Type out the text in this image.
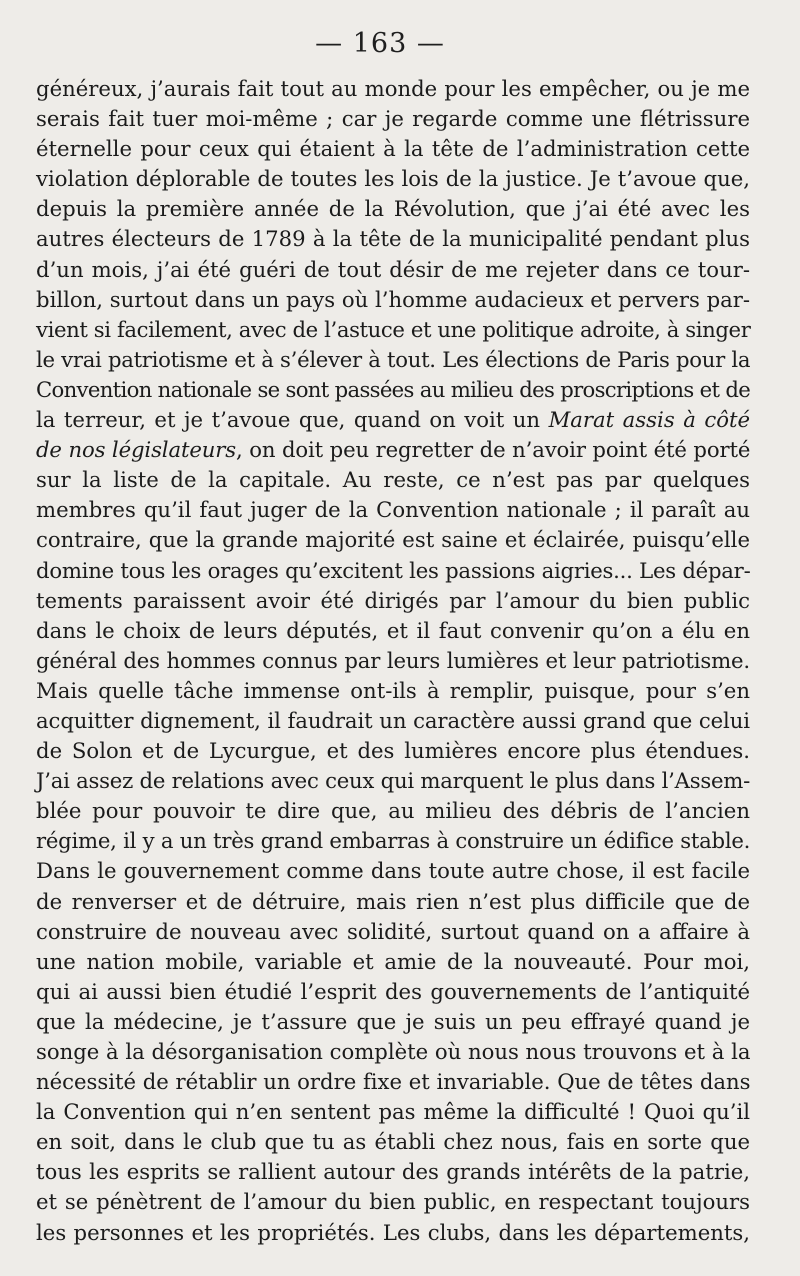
— 163 —
généreux, j’aurais fait tout au monde pour les empêcher, ou je me
serais fait tuer moi-même ; car je regarde comme une flétrissure
éternelle pour ceux qui étaient à la tête de l’administration cette
violation déplorable de toutes les lois de la justice. Je t’avoue que,
depuis la première année de la Révolution, que j’ai été avec les
autres électeurs de 1789 à la tête de la municipalité pendant plus
d’un mois, j’ai été guéri de tout désir de me rejeter dans ce tour-
billon, surtout dans un pays où l’homme audacieux et pervers par-
vient si facilement, avec de l’astuce et une politique adroite, à singer
le vrai patriotisme et à s’élever à tout. Les élections de Paris pour la
Convention nationale se sont passées au milieu des proscriptions et de
la terreur, et je t’avoue que, quand on voit un Marat assis à côté
de nos législateurs, on doit peu regretter de n’avoir point été porté
sur la liste de la capitale. Au reste, ce n’est pas par quelques
membres qu’il faut juger de la Convention nationale ; il paraît au
contraire, que la grande majorité est saine et éclairée, puisqu’elle
domine tous les orages qu’excitent les passions aigries... Les dépar-
tements paraissent avoir été dirigés par l’amour du bien public
dans le choix de leurs députés, et il faut convenir qu’on a élu en
général des hommes connus par leurs lumières et leur patriotisme.
Mais quelle tâche immense ont-ils à remplir, puisque, pour s’en
acquitter dignement, il faudrait un caractère aussi grand que celui
de Solon et de Lycurgue, et des lumières encore plus étendues.
J’ai assez de relations avec ceux qui marquent le plus dans l’Assem-
blée pour pouvoir te dire que, au milieu des débris de l’ancien
régime, il y a un très grand embarras à construire un édifice stable.
Dans le gouvernement comme dans toute autre chose, il est facile
de renverser et de détruire, mais rien n’est plus difficile que de
construire de nouveau avec solidité, surtout quand on a affaire à
une nation mobile, variable et amie de la nouveauté. Pour moi,
qui ai aussi bien étudié l’esprit des gouvernements de l’antiquité
que la médecine, je t’assure que je suis un peu effrayé quand je
songe à la désorganisation complète où nous nous trouvons et à la
nécessité de rétablir un ordre fixe et invariable. Que de têtes dans
la Convention qui n’en sentent pas même la difficulté ! Quoi qu’il
en soit, dans le club que tu as établi chez nous, fais en sorte que
tous les esprits se rallient autour des grands intérêts de la patrie,
et se pénètrent de l’amour du bien public, en respectant toujours
les personnes et les propriétés. Les clubs, dans les départements,
